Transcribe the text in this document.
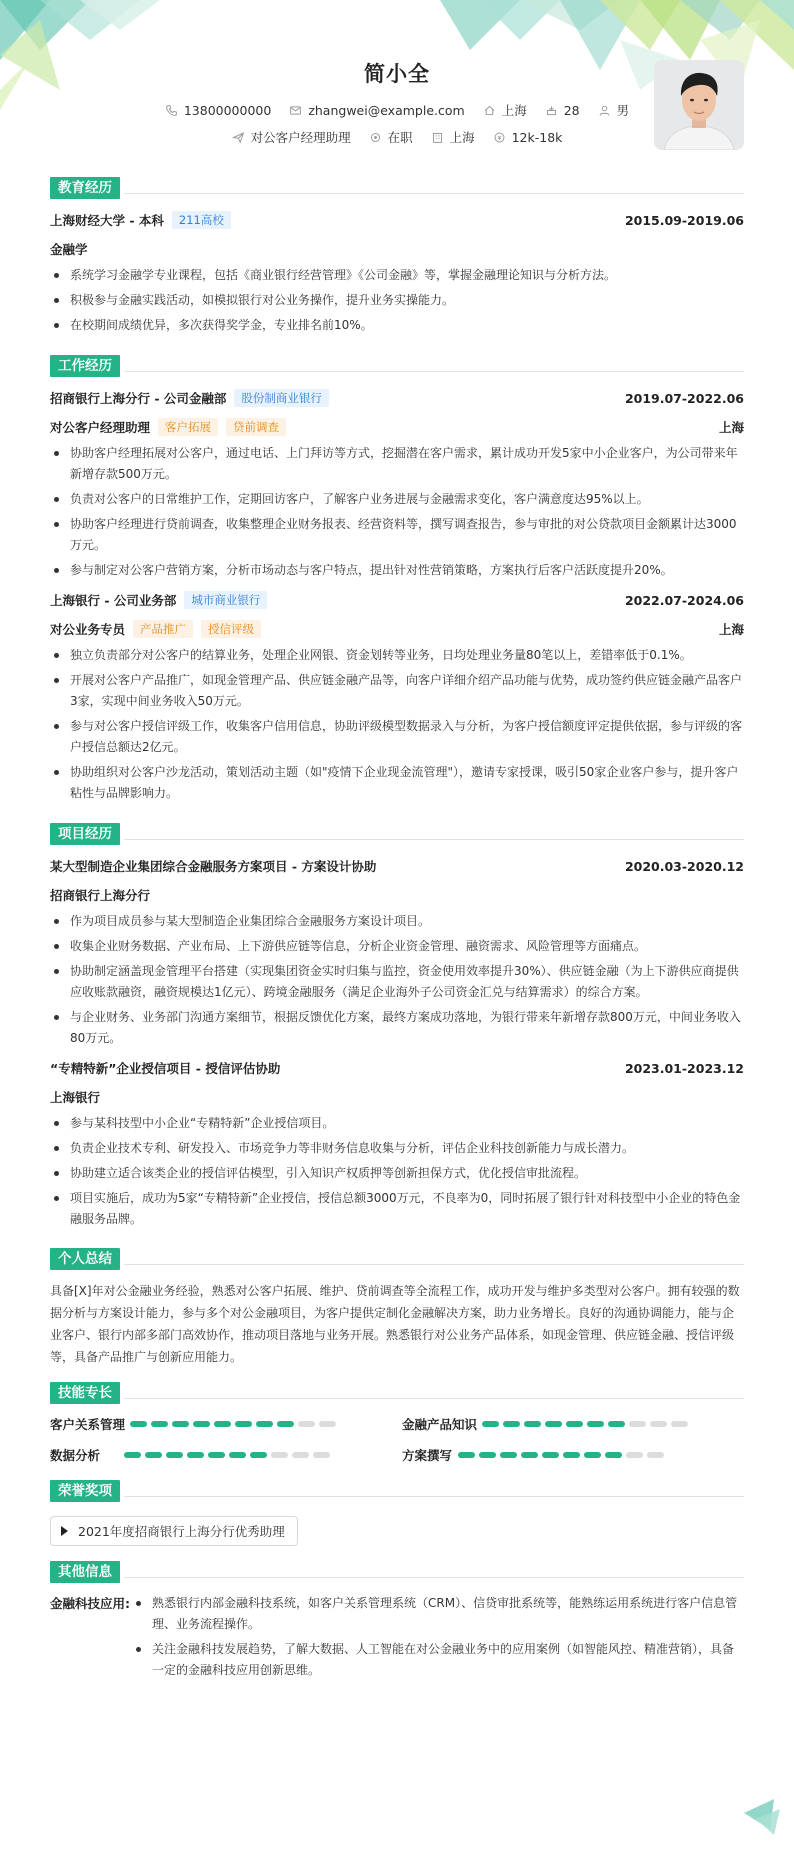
简小全
13800000000	zhangwei@example.com	上海	28	男
对公客户经理助理	在职	上海	12k-18k
教育经历
上海财经大学 - 本科	211高校	2015.09-2019.06
金融学
系统学习金融学专业课程，包括《商业银行经营管理》《公司金融》等，掌握金融理论知识与分析方法。
积极参与金融实践活动，如模拟银行对公业务操作，提升业务实操能力。
在校期间成绩优异，多次获得奖学金，专业排名前10%。
工作经历
招商银行上海分行 - 公司金融部	股份制商业银行	2019.07-2022.06
对公客户经理助理	客户拓展	贷前调查	上海
协助客户经理拓展对公客户，通过电话、上门拜访等方式，挖掘潜在客户需求，累计成功开发5家中小企业客户，为公司带来年新增存款500万元。
负责对公客户的日常维护工作，定期回访客户，了解客户业务进展与金融需求变化，客户满意度达95%以上。
协助客户经理进行贷前调查，收集整理企业财务报表、经营资料等，撰写调查报告，参与审批的对公贷款项目金额累计达3000万元。
参与制定对公客户营销方案，分析市场动态与客户特点，提出针对性营销策略，方案执行后客户活跃度提升20%。
上海银行 - 公司业务部	城市商业银行	2022.07-2024.06
对公业务专员	产品推广	授信评级	上海
独立负责部分对公客户的结算业务，处理企业网银、资金划转等业务，日均处理业务量80笔以上，差错率低于0.1%。
开展对公客户产品推广，如现金管理产品、供应链金融产品等，向客户详细介绍产品功能与优势，成功签约供应链金融产品客户3家，实现中间业务收入50万元。
参与对公客户授信评级工作，收集客户信用信息，协助评级模型数据录入与分析，为客户授信额度评定提供依据，参与评级的客户授信总额达2亿元。
协助组织对公客户沙龙活动，策划活动主题（如"疫情下企业现金流管理"），邀请专家授课，吸引50家企业客户参与，提升客户粘性与品牌影响力。
项目经历
某大型制造企业集团综合金融服务方案项目 - 方案设计协助	2020.03-2020.12
招商银行上海分行
作为项目成员参与某大型制造企业集团综合金融服务方案设计项目。
收集企业财务数据、产业布局、上下游供应链等信息，分析企业资金管理、融资需求、风险管理等方面痛点。
协助制定涵盖现金管理平台搭建（实现集团资金实时归集与监控，资金使用效率提升30%）、供应链金融（为上下游供应商提供应收账款融资，融资规模达1亿元）、跨境金融服务（满足企业海外子公司资金汇兑与结算需求）的综合方案。
与企业财务、业务部门沟通方案细节，根据反馈优化方案，最终方案成功落地，为银行带来年新增存款800万元，中间业务收入80万元。
“专精特新”企业授信项目 - 授信评估协助	2023.01-2023.12
上海银行
参与某科技型中小企业“专精特新”企业授信项目。
负责企业技术专利、研发投入、市场竞争力等非财务信息收集与分析，评估企业科技创新能力与成长潜力。
协助建立适合该类企业的授信评估模型，引入知识产权质押等创新担保方式，优化授信审批流程。
项目实施后，成功为5家“专精特新”企业授信，授信总额3000万元，不良率为0，同时拓展了银行针对科技型中小企业的特色金融服务品牌。
个人总结
具备[X]年对公金融业务经验，熟悉对公客户拓展、维护、贷前调查等全流程工作，成功开发与维护多类型对公客户。拥有较强的数据分析与方案设计能力，参与多个对公金融项目，为客户提供定制化金融解决方案，助力业务增长。良好的沟通协调能力，能与企业客户、银行内部多部门高效协作，推动项目落地与业务开展。熟悉银行对公业务产品体系，如现金管理、供应链金融、授信评级等，具备产品推广与创新应用能力。
技能专长
客户关系管理	金融产品知识
数据分析	方案撰写
荣誉奖项
2021年度招商银行上海分行优秀助理
其他信息
金融科技应用:	熟悉银行内部金融科技系统，如客户关系管理系统（CRM）、信贷审批系统等，能熟练运用系统进行客户信息管理、业务流程操作。
关注金融科技发展趋势，了解大数据、人工智能在对公金融业务中的应用案例（如智能风控、精准营销），具备一定的金融科技应用创新思维。
